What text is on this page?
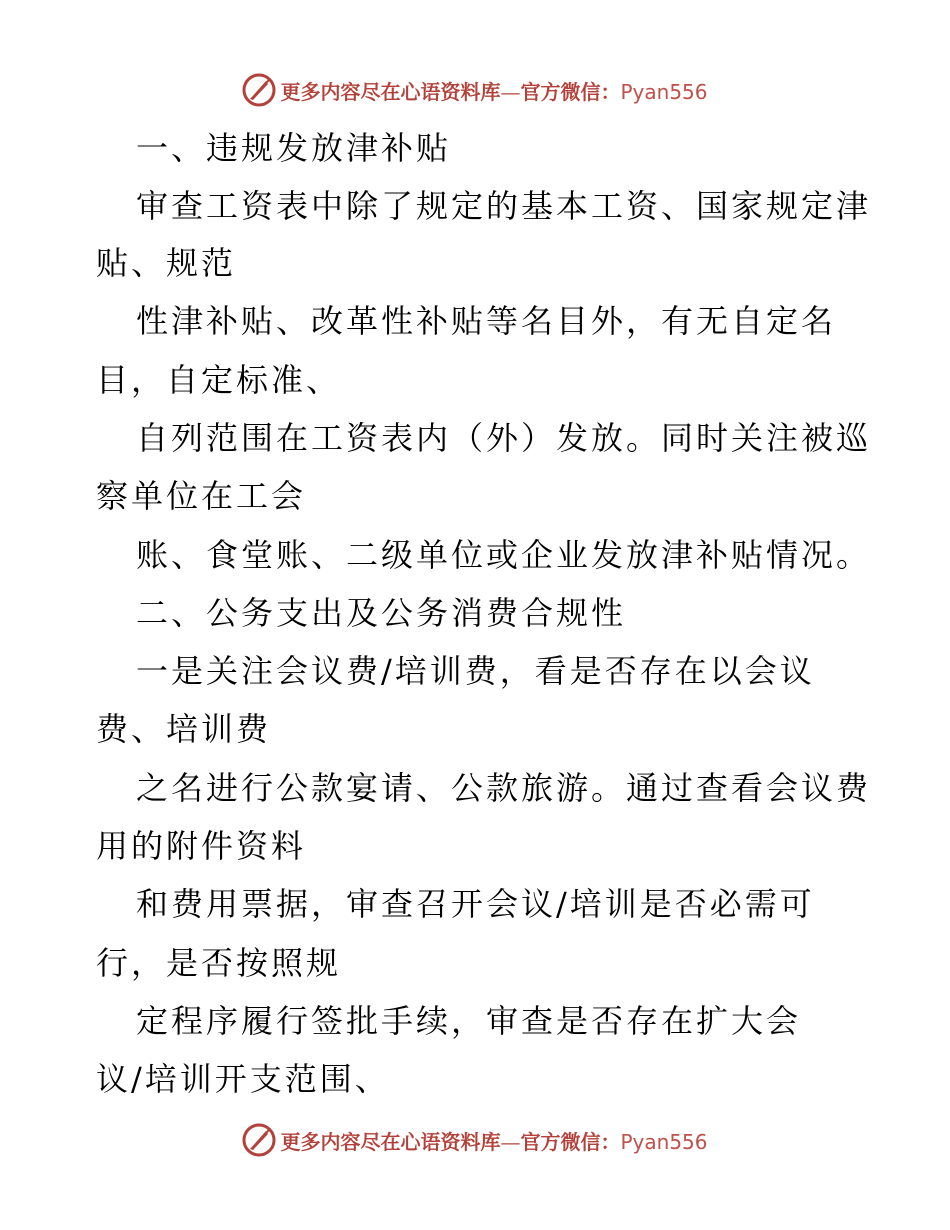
更多内容尽在心语资料库—官方微信：Pyan556
一、违规发放津补贴
审查工资表中除了规定的基本工资、国家规定津
贴、规范
性津补贴、改革性补贴等名目外，有无自定名
目，自定标准、
自列范围在工资表内（外）发放。同时关注被巡
察单位在工会
账、食堂账、二级单位或企业发放津补贴情况。
二、公务支出及公务消费合规性
一是关注会议费/培训费，看是否存在以会议
费、培训费
之名进行公款宴请、公款旅游。通过查看会议费
用的附件资料
和费用票据，审查召开会议/培训是否必需可
行，是否按照规
定程序履行签批手续，审查是否存在扩大会
议/培训开支范围、
更多内容尽在心语资料库—官方微信：Pyan556
